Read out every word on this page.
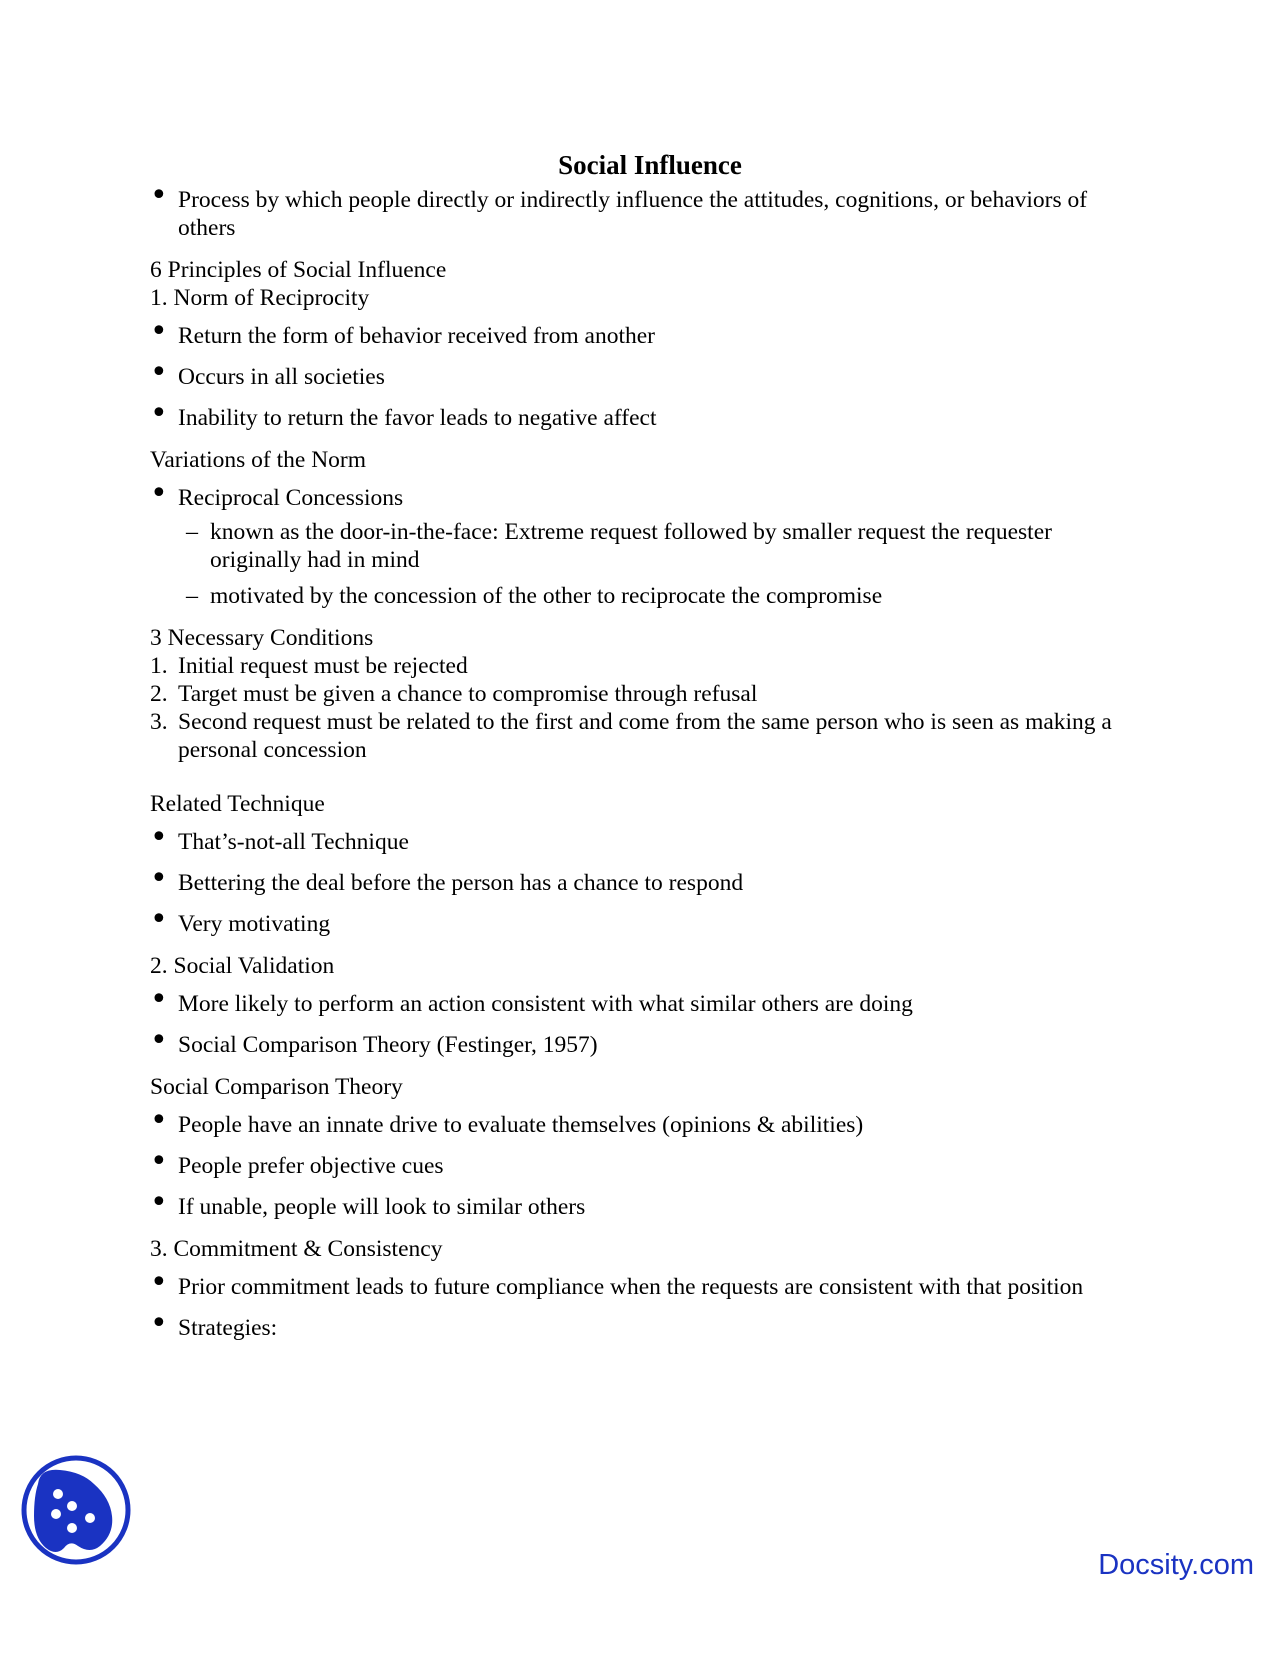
Social Influence
• Process by which people directly or indirectly influence the attitudes, cognitions, or behaviors of others
6 Principles of Social Influence
1. Norm of Reciprocity
• Return the form of behavior received from another
• Occurs in all societies
• Inability to return the favor leads to negative affect
Variations of the Norm
• Reciprocal Concessions
– known as the door-in-the-face: Extreme request followed by smaller request the requester originally had in mind
– motivated by the concession of the other to reciprocate the compromise
3 Necessary Conditions
1. Initial request must be rejected
2. Target must be given a chance to compromise through refusal
3. Second request must be related to the first and come from the same person who is seen as making a personal concession
Related Technique
• That’s-not-all Technique
• Bettering the deal before the person has a chance to respond
• Very motivating
2. Social Validation
• More likely to perform an action consistent with what similar others are doing
• Social Comparison Theory (Festinger, 1957)
Social Comparison Theory
• People have an innate drive to evaluate themselves (opinions & abilities)
• People prefer objective cues
• If unable, people will look to similar others
3. Commitment & Consistency
• Prior commitment leads to future compliance when the requests are consistent with that position
• Strategies:
Docsity.com
